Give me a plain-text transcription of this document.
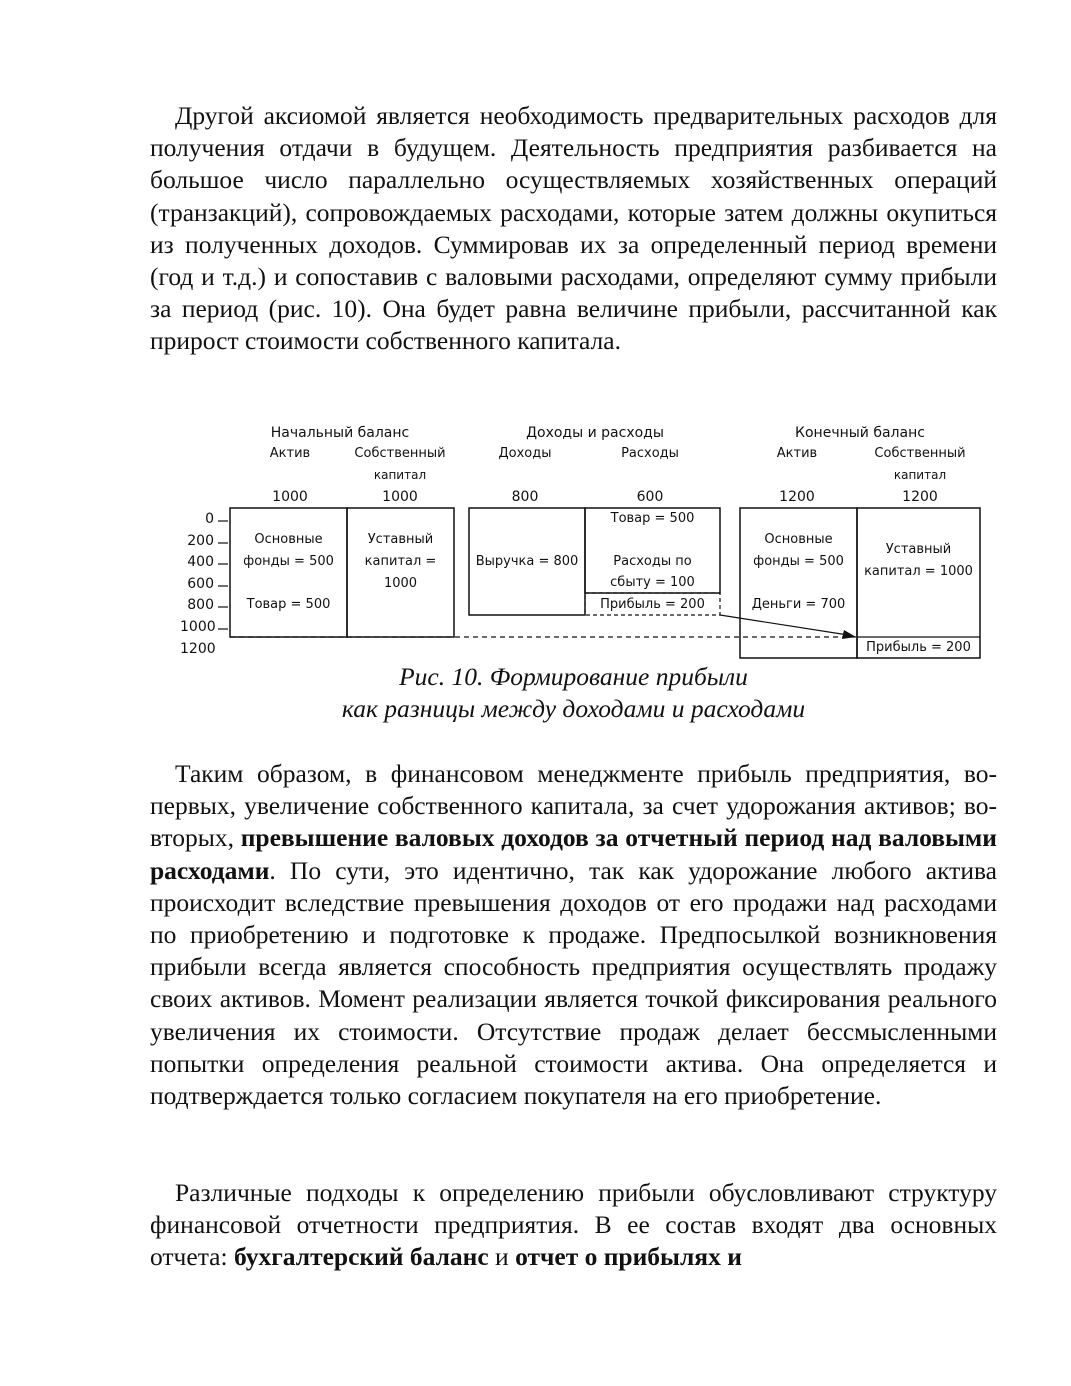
Другой аксиомой является необходимость предварительных расходов для получения отдачи в будущем. Деятельность предприятия разбивается на большое число параллельно осуществляемых хозяйственных операций (транзакций), сопровождаемых расходами, которые затем должны окупиться из полученных доходов. Суммировав их за определенный период времени (год и т.д.) и сопоставив с валовыми расходами, определяют сумму прибыли за период (рис. 10). Она будет равна величине прибыли, рассчитанной как прирост стоимости собственного капитала.

Начальный баланс	Доходы и расходы	Конечный баланс
Актив	Собственный
капитал
Доходы	Расходы	Актив	Собственный
капитал
1000	1000	800	600	1200	1200
0
200
400
600
800
1000
1200
Основные
фонды = 500
Товар = 500
Уставный
капитал =
1000
Выручка = 800
Товар = 500
Расходы по
сбыту = 100
Прибыль = 200
Основные
фонды = 500
Деньги = 700
Уставный
капитал = 1000
Прибыль = 200
Рис. 10. Формирование прибыли
как разницы между доходами и расходами

Таким образом, в финансовом менеджменте прибыль предприятия, во-первых, увеличение собственного капитала, за счет удорожания активов; во-вторых, превышение валовых доходов за отчетный период над валовыми расходами. По сути, это идентично, так как удорожание любого актива происходит вследствие превышения доходов от его продажи над расходами по приобретению и подготовке к продаже. Предпосылкой возникновения прибыли всегда является способность предприятия осуществлять продажу своих активов. Момент реализации является точкой фиксирования реального увеличения их стоимости. Отсутствие продаж делает бессмысленными попытки определения реальной стоимости актива. Она определяется и подтверждается только согласием покупателя на его приобретение.

Различные подходы к определению прибыли обусловливают структуру финансовой отчетности предприятия. В ее состав входят два основных отчета: бухгалтерский баланс и отчет о прибылях и
